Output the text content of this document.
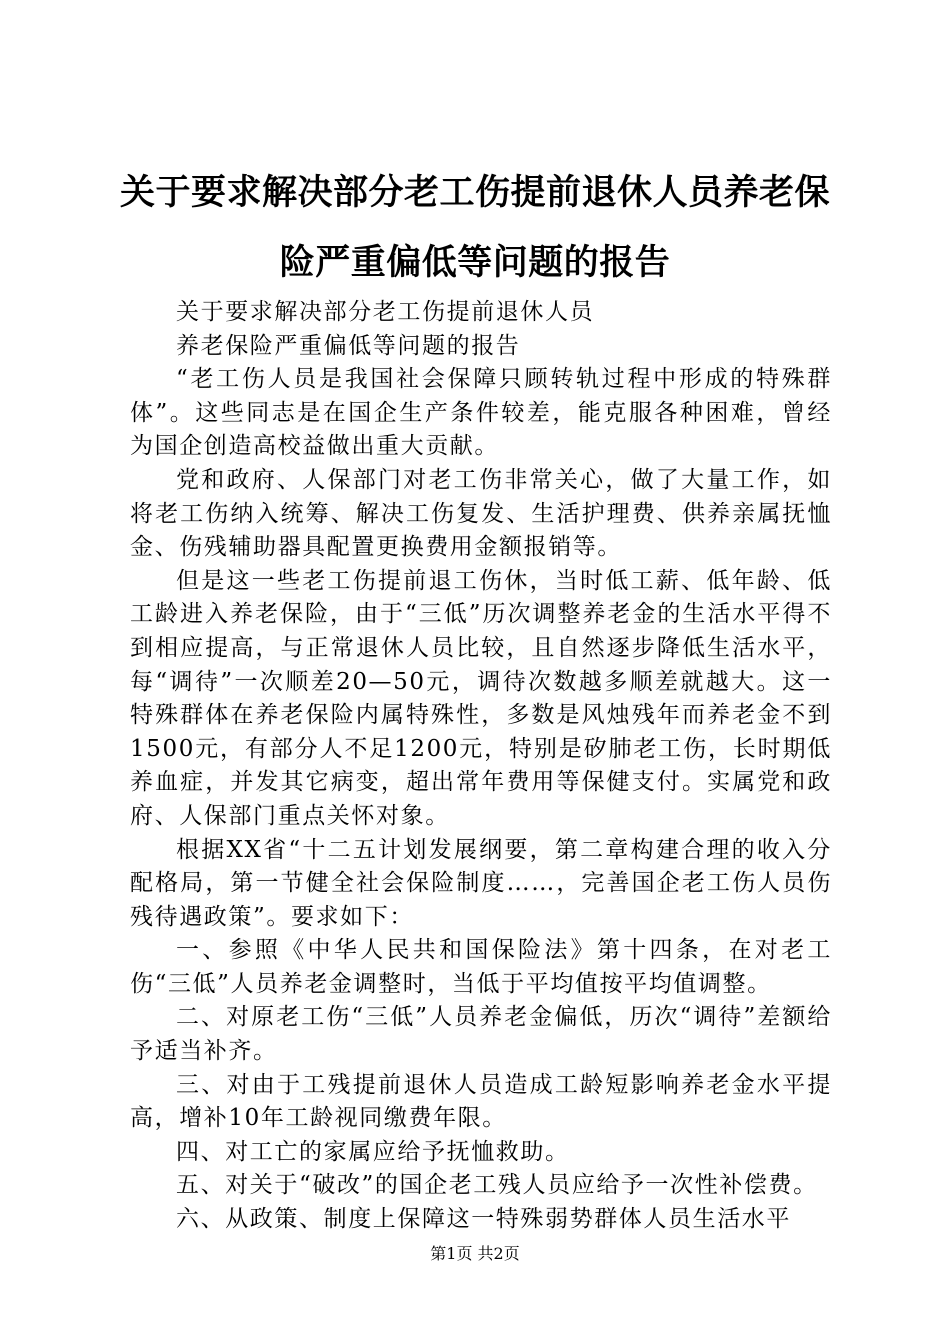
关于要求解决部分老工伤提前退休人员养老保险严重偏低等问题的报告

关于要求解决部分老工伤提前退休人员

养老保险严重偏低等问题的报告

“老工伤人员是我国社会保障只顾转轨过程中形成的特殊群体”。这些同志是在国企生产条件较差，能克服各种困难，曾经为国企创造高校益做出重大贡献。

党和政府、人保部门对老工伤非常关心，做了大量工作，如将老工伤纳入统筹、解决工伤复发、生活护理费、供养亲属抚恤金、伤残辅助器具配置更换费用金额报销等。

但是这一些老工伤提前退工伤休，当时低工薪、低年龄、低工龄进入养老保险，由于“三低”历次调整养老金的生活水平得不到相应提高，与正常退休人员比较，且自然逐步降低生活水平，每“调待”一次顺差20—50元，调待次数越多顺差就越大。这一特殊群体在养老保险内属特殊性，多数是风烛残年而养老金不到1500元，有部分人不足1200元，特别是矽肺老工伤，长时期低养血症，并发其它病变，超出常年费用等保健支付。实属党和政府、人保部门重点关怀对象。

根据XX省“十二五计划发展纲要，第二章构建合理的收入分配格局，第一节健全社会保险制度……，完善国企老工伤人员伤残待遇政策”。要求如下：

一、参照《中华人民共和国保险法》第十四条，在对老工伤“三低”人员养老金调整时，当低于平均值按平均值调整。

二、对原老工伤“三低”人员养老金偏低，历次“调待”差额给予适当补齐。

三、对由于工残提前退休人员造成工龄短影响养老金水平提高，增补10年工龄视同缴费年限。

四、对工亡的家属应给予抚恤救助。

五、对关于“破改”的国企老工残人员应给予一次性补偿费。

六、从政策、制度上保障这一特殊弱势群体人员生活水平

第1页 共2页
